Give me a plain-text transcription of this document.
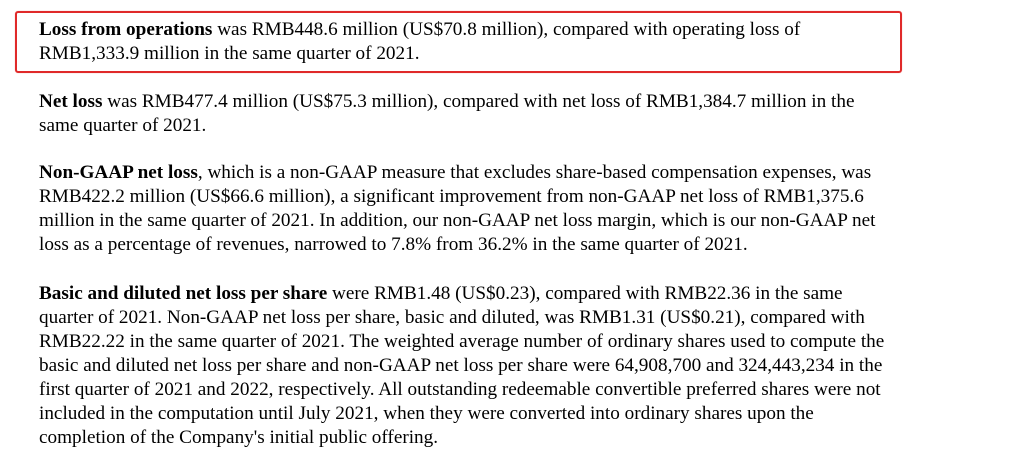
Loss from operations was RMB448.6 million (US$70.8 million), compared with operating loss of
RMB1,333.9 million in the same quarter of 2021.

Net loss was RMB477.4 million (US$75.3 million), compared with net loss of RMB1,384.7 million in the
same quarter of 2021.

Non-GAAP net loss, which is a non-GAAP measure that excludes share-based compensation expenses, was
RMB422.2 million (US$66.6 million), a significant improvement from non-GAAP net loss of RMB1,375.6
million in the same quarter of 2021. In addition, our non-GAAP net loss margin, which is our non-GAAP net
loss as a percentage of revenues, narrowed to 7.8% from 36.2% in the same quarter of 2021.

Basic and diluted net loss per share were RMB1.48 (US$0.23), compared with RMB22.36 in the same
quarter of 2021. Non-GAAP net loss per share, basic and diluted, was RMB1.31 (US$0.21), compared with
RMB22.22 in the same quarter of 2021. The weighted average number of ordinary shares used to compute the
basic and diluted net loss per share and non-GAAP net loss per share were 64,908,700 and 324,443,234 in the
first quarter of 2021 and 2022, respectively. All outstanding redeemable convertible preferred shares were not
included in the computation until July 2021, when they were converted into ordinary shares upon the
completion of the Company's initial public offering.
